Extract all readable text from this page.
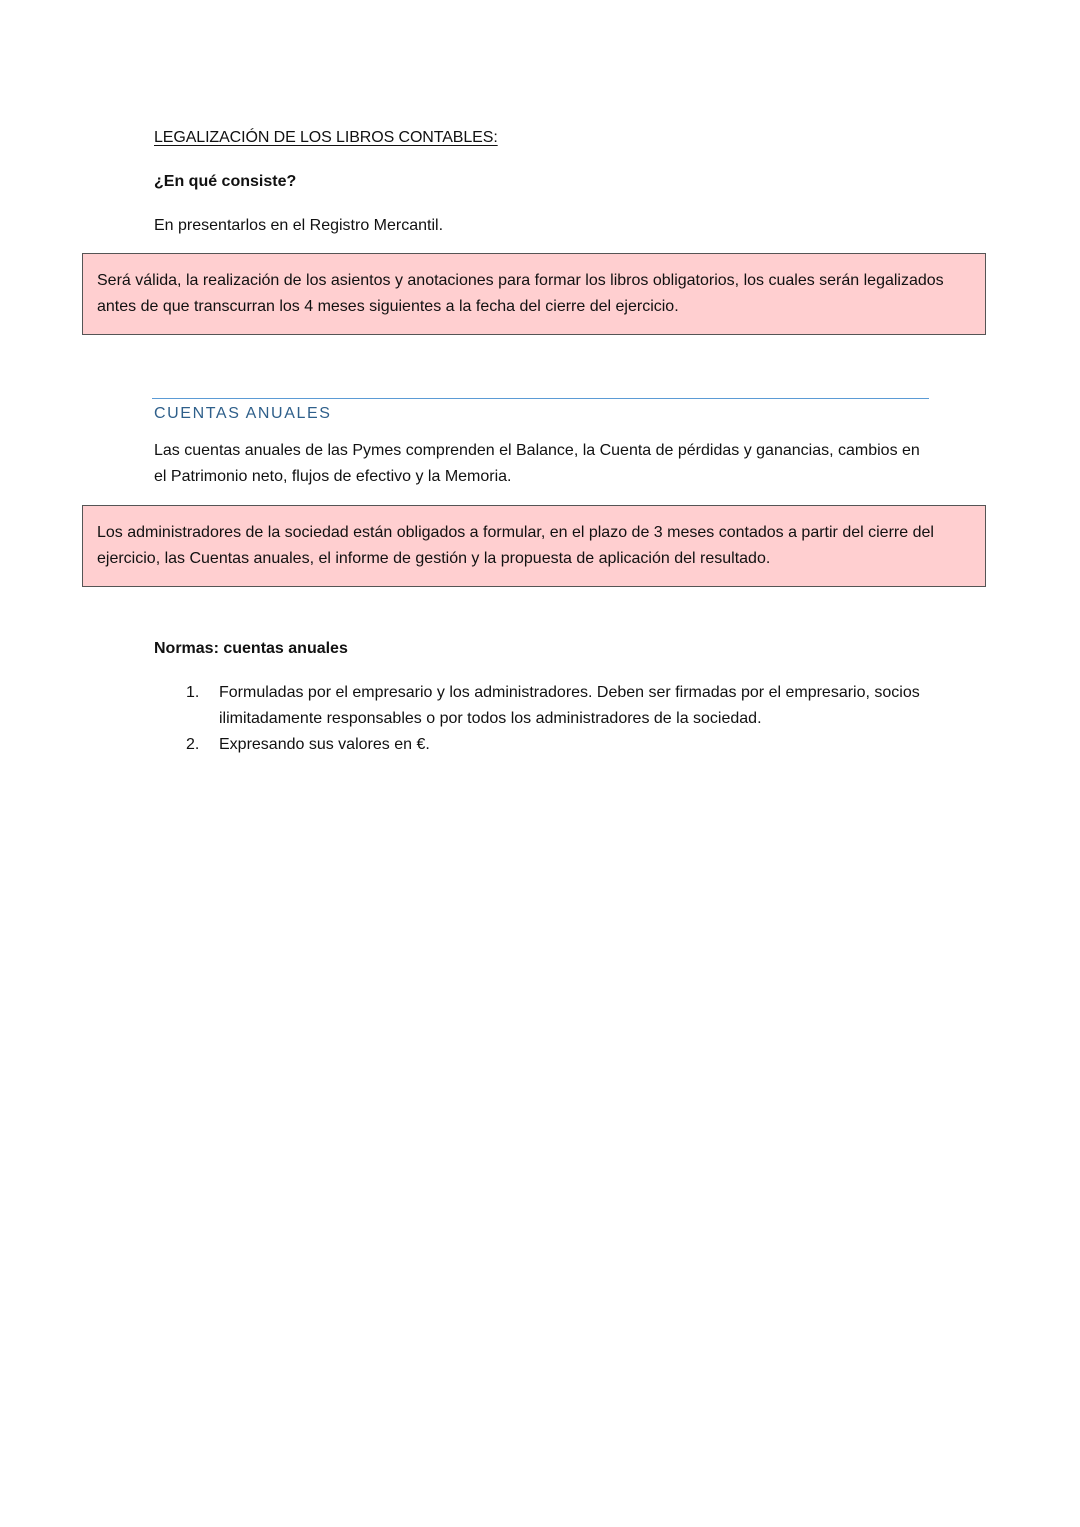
LEGALIZACIÓN DE LOS LIBROS CONTABLES:
¿En qué consiste?
En presentarlos en el Registro Mercantil.
Será válida, la realización de los asientos y anotaciones para formar los libros obligatorios, los cuales serán legalizados antes de que transcurran los 4 meses siguientes a la fecha del cierre del ejercicio.
CUENTAS ANUALES
Las cuentas anuales de las Pymes comprenden el Balance, la Cuenta de pérdidas y ganancias, cambios en el Patrimonio neto, flujos de efectivo y la Memoria.
Los administradores de la sociedad están obligados a formular, en el plazo de 3 meses contados a partir del cierre del ejercicio, las Cuentas anuales, el informe de gestión y la propuesta de aplicación del resultado.
Normas: cuentas anuales
1.	Formuladas por el empresario y los administradores. Deben ser firmadas por el empresario, socios ilimitadamente responsables o por todos los administradores de la sociedad.
2.	Expresando sus valores en €.
